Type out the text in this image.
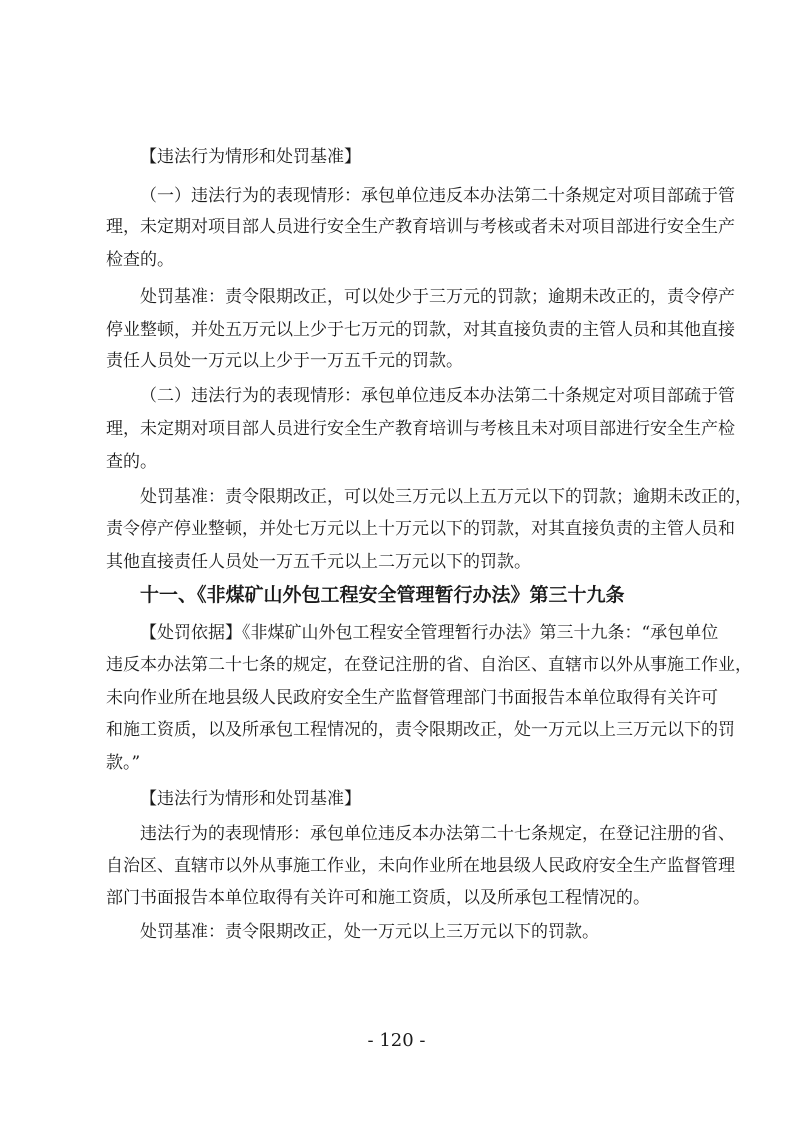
【违法行为情形和处罚基准】
（一）违法行为的表现情形：承包单位违反本办法第二十条规定对项目部疏于管
理，未定期对项目部人员进行安全生产教育培训与考核或者未对项目部进行安全生产
检查的。
处罚基准：责令限期改正，可以处少于三万元的罚款；逾期未改正的，责令停产
停业整顿，并处五万元以上少于七万元的罚款，对其直接负责的主管人员和其他直接
责任人员处一万元以上少于一万五千元的罚款。
（二）违法行为的表现情形：承包单位违反本办法第二十条规定对项目部疏于管
理，未定期对项目部人员进行安全生产教育培训与考核且未对项目部进行安全生产检
查的。
处罚基准：责令限期改正，可以处三万元以上五万元以下的罚款；逾期未改正的，
责令停产停业整顿，并处七万元以上十万元以下的罚款，对其直接负责的主管人员和
其他直接责任人员处一万五千元以上二万元以下的罚款。
十一、《非煤矿山外包工程安全管理暂行办法》第三十九条
【处罚依据】《非煤矿山外包工程安全管理暂行办法》第三十九条：“承包单位
违反本办法第二十七条的规定，在登记注册的省、自治区、直辖市以外从事施工作业，
未向作业所在地县级人民政府安全生产监督管理部门书面报告本单位取得有关许可
和施工资质，以及所承包工程情况的，责令限期改正，处一万元以上三万元以下的罚
款。”
【违法行为情形和处罚基准】
违法行为的表现情形：承包单位违反本办法第二十七条规定，在登记注册的省、
自治区、直辖市以外从事施工作业，未向作业所在地县级人民政府安全生产监督管理
部门书面报告本单位取得有关许可和施工资质，以及所承包工程情况的。
处罚基准：责令限期改正，处一万元以上三万元以下的罚款。
- 120 -
